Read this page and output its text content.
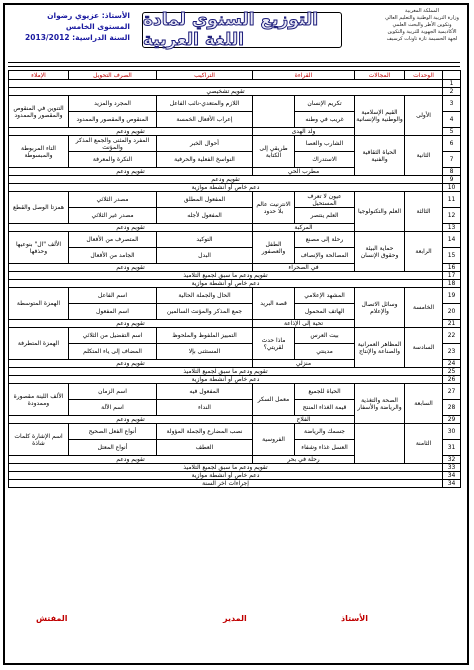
المملكة المغربية
وزارة التربية الوطنية والتعليم العالي
وتكوين الأطر والبحث العلمي
الأكاديمية الجهوية للتربية والتكوين
لجهة الحسيمة تازة تاونات كرسيف
الأستاذ: عزيوي رضوان
المستوى الخامس
السنة الدراسية: 2013/2012
التوزيع السنوي لمادة اللغة العربية
	الوحدات	المجالات	القراءة		التراكيب	الصرف التحويل	الإملاء
1							
2	تقويم تشخيصي						
3	الأولى	القيم الإسلامية والوطنية والإنسانية	تكريم الإنسان		اللازم والمتعدي-نائب الفاعل	المجرد والمزيد	التنوين في المنقوص والمقصور والممدود
4			غريب في وطنه		إعراب الأفعال الخمسة	المنقوص والمقصور والممدود	
5			ولد الهدى		تقويم ودعم		
6	الثانية	الحياة الثقافية والفنية	الشارب والعصا	طريقي إلى الكتابة	أحوال الخبر	المفرد والمثنى والجمع المذكر والمؤنث	التاء المربوطة والمبسوطة
7			الاستدراك		النواسخ الفعلية والحرفية	النكرة والمعرفة	
8			مطرب الحي		تقويم ودعم		
9	تقويم ودعم						
10	دعم خاص أو أنشطة موازية						
11	الثالثة	العلم والتكنولوجيا	عيون لا تعرف المستحيل	الانترنيت عالم بلا حدود	المفعول المطلق	مصدر الثلاثي	همزتا الوصل والقطع
12			العلم ينتصر		المفعول لأجله	مصدر غير الثلاثي	
13			المركبة		تقويم ودعم		
14	الرابعة	حماية البيئة وحقوق الإنسان	رحلة إلى مصنع	الطفل والعصفور	التوكيد	المتصرف من الأفعال	الألف "ال" بنوعيها وحذفها
15			المصالحة والإنصاف		البدل	الجامد من الأفعال	
16			في الصحراء		تقويم ودعم		
17	تقويم ودعم ما سبق لجميع التلاميذ						
18	دعم خاص أو أنشطة موازية						
19	الخامسة	وسائل الاتصال والإعلام	المشهد الإعلامي	قصة البريد	الحال والجملة الحالية	اسم الفاعل	الهمزة المتوسطة
20			الهاتف المحمول		جمع المذكر والمؤنث السالمين	اسم المفعول	
21			تحية إلى الإذاعة		تقويم ودعم		
22	السادسة	المظاهر العمرانية والصناعة والإنتاج	بيت العرس	ماذا حدث لقريتي؟	التمييز الملفوظ والملحوظ	اسم التفضيل من الثلاثي	الهمزة المتطرفة
23			مدينتي		المستثنى بإلا	المضاف إلى ياء المتكلم	
24			منزلي		تقويم ودعم		
25	تقويم ودعم ما سبق لجميع التلاميذ						
26	دعم خاص أو أنشطة موازية						
27	السابعة	الصحة والتغذية والرياضة والأسفار	الحياة للجميع	معمل السكر	المفعول فيه	اسم الزمان	الألف اللينة مقصورة وممدودة
28			قيمة الغذاء المنتج		النداء	اسم الآلة	
29			الفلاح		تقويم ودعم		
30	الثامنة		جسمك والرياضة	الفروسية	نصب المضارع والجملة المؤولة	أنواع الفعل الصحيح	اسم الإشارة كلمات شاذة
31			العسل غذاء وشفاء		العطف	أنواع المعتل	
32			رحلة في بحر		تقويم ودعم		
33	تقويم ودعم ما سبق لجميع التلاميذ						
34	دعم خاص أو أنشطة موازية						
34	إجراءات آخر السنة						
الأستاذ
المدير
المفتش
